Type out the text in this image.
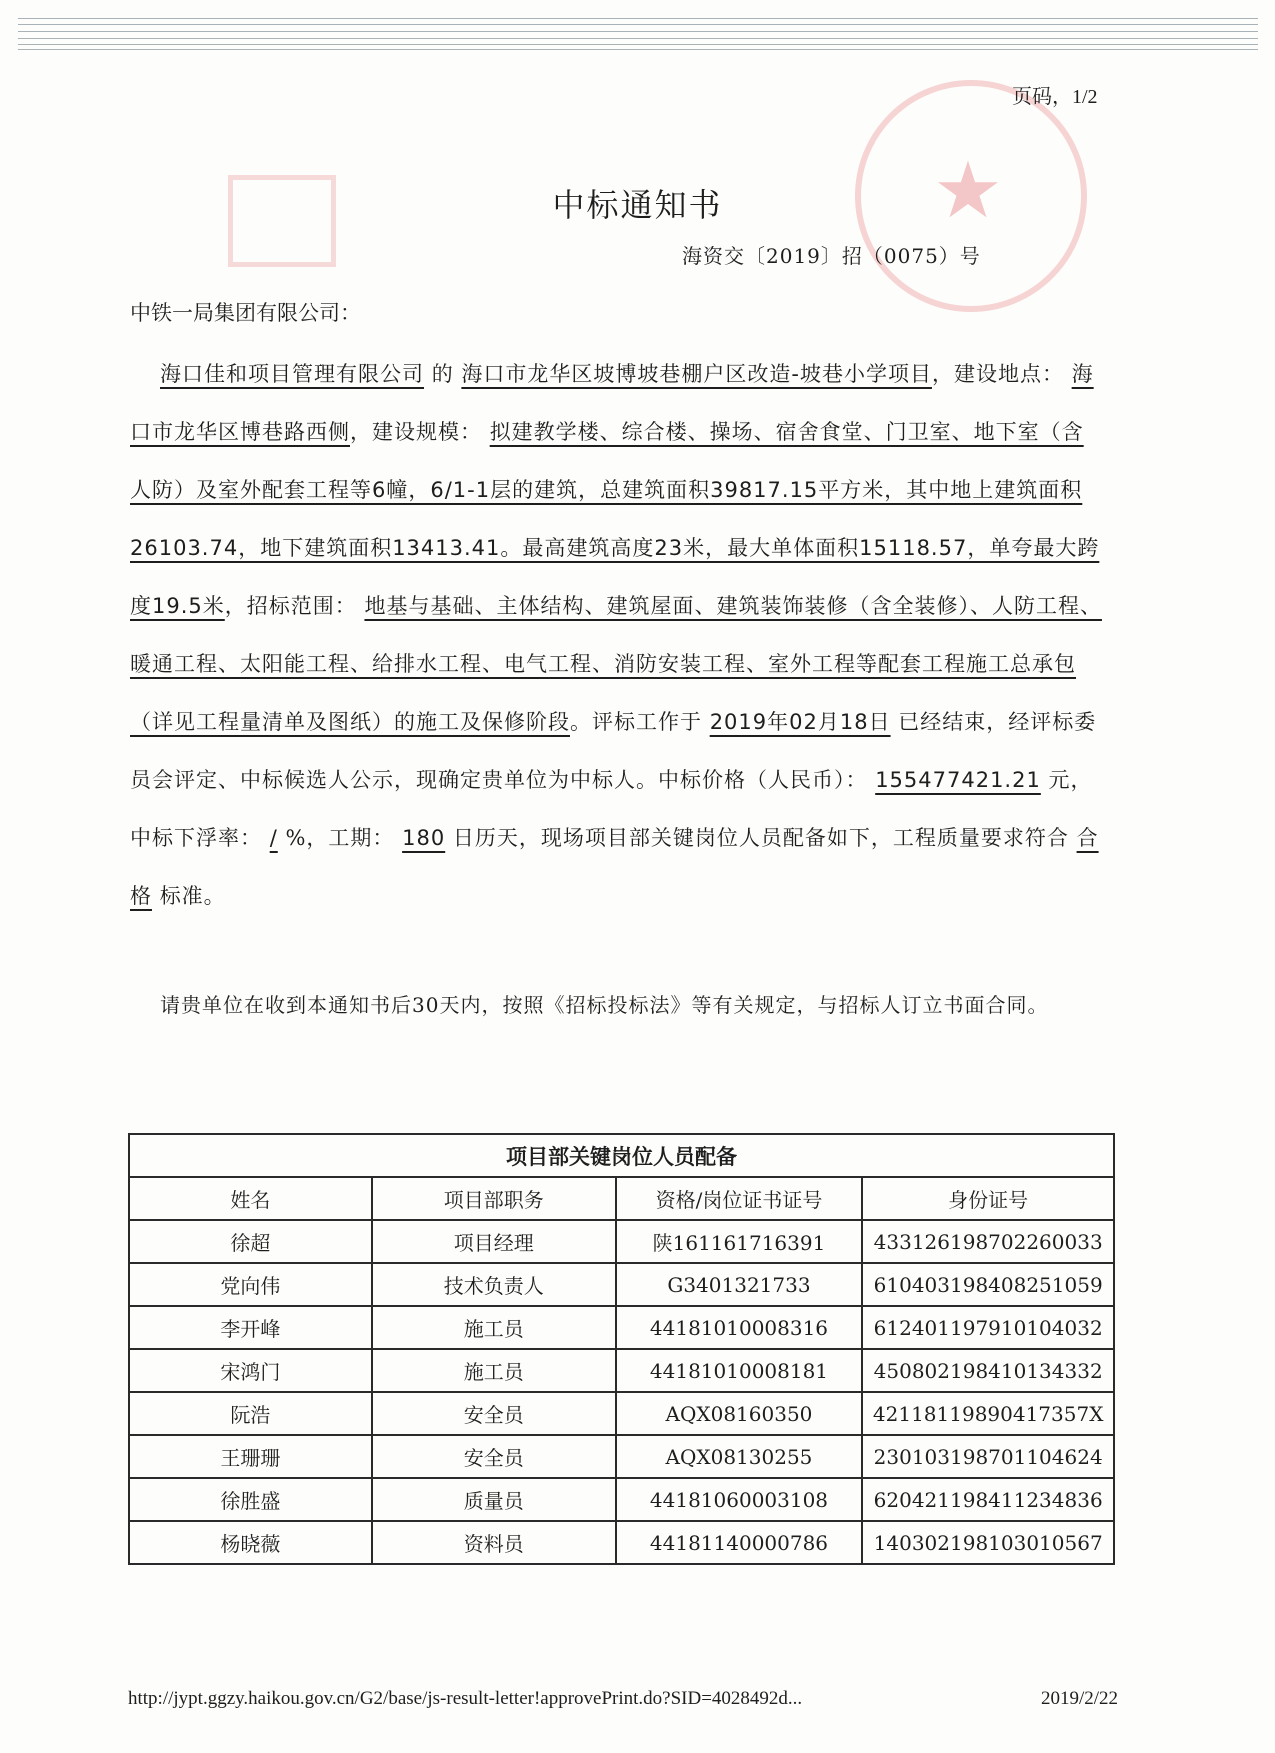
★
页码，1/2
中标通知书
海资交〔2019〕招（0075）号
中铁一局集团有限公司：

海口佳和项目管理有限公司 的 海口市龙华区坡博坡巷棚户区改造-坡巷小学项目，建设地点： 海口市龙华区博巷路西侧，建设规模： 拟建教学楼、综合楼、操场、宿舍食堂、门卫室、地下室（含人防）及室外配套工程等6幢，6/1-1层的建筑，总建筑面积39817.15平方米，其中地上建筑面积26103.74，地下建筑面积13413.41。最高建筑高度23米，最大单体面积15118.57，单夸最大跨度19.5米，招标范围： 地基与基础、主体结构、建筑屋面、建筑装饰装修（含全装修）、人防工程、暖通工程、太阳能工程、给排水工程、电气工程、消防安装工程、室外工程等配套工程施工总承包（详见工程量清单及图纸）的施工及保修阶段。评标工作于 2019年02月18日 已经结束，经评标委员会评定、中标候选人公示，现确定贵单位为中标人。中标价格（人民币）： 155477421.21 元，中标下浮率： / %，工期： 180 日历天，现场项目部关键岗位人员配备如下，工程质量要求符合 合格 标准。

请贵单位在收到本通知书后30天内，按照《招标投标法》等有关规定，与招标人订立书面合同。

项目部关键岗位人员配备			
姓名	项目部职务	资格/岗位证书证号	身份证号
徐超	项目经理	陕161161716391	433126198702260033
党向伟	技术负责人	G3401321733	610403198408251059
李开峰	施工员	44181010008316	612401197910104032
宋鸿门	施工员	44181010008181	450802198410134332
阮浩	安全员	AQX08160350	42118119890417357X
王珊珊	安全员	AQX08130255	230103198701104624
徐胜盛	质量员	44181060003108	620421198411234836
杨晓薇	资料员	44181140000786	140302198103010567
http://jypt.ggzy.haikou.gov.cn/G2/base/js-result-letter!approvePrint.do?SID=4028492d...	2019/2/22
